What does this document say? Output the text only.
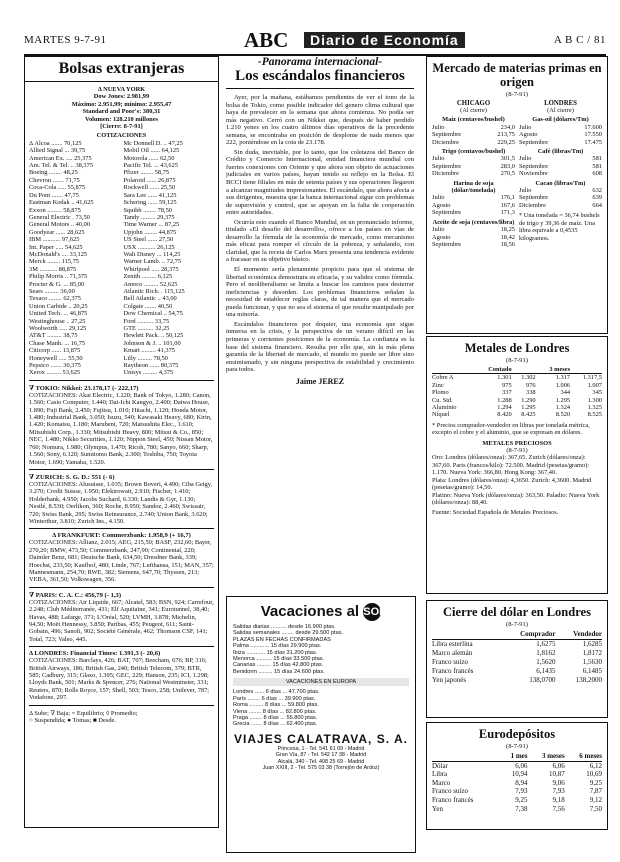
MARTES 9-7-91	ABC	Diario de Economía	A B C / 81
Bolsas extranjeras
Δ NUEVA YORK
Dow Jones: 2.981,99
Máximo: 2.951,99; mínimo: 2.955,47
Standard and Poor's: 380,31
Volumen: 128.210 millones
[Cierre: 8-7-91]
COTIZACIONES
Δ Alcoa ....... 70,125
Allied Signal ... 39,75
American Ex. .... 25,375
Am. Tel. & Tel. .. 38,375
Boeing ........ 48,25
Chevron ....... 71,75
Coca-Cola ..... 55,875
Du Pont ....... 47,75
Eastman Kodak .. 41,625
Exxon ......... 58,875
General Electric . 73,50
General Motors .. 40,00
Goodyear ...... 28,625
IBM ........... 97,625
Int. Paper ..... 54,625
McDonald's .... 33,125
Merck ........ 115,75
3M ........... 88,875
Philip Morris .. 71,375
Procter & G. ... 85,00
Sears ......... 36,00
Texaco ........ 62,375
Union Carbide .. 20,25
United Tech. ... 46,875
Westinghouse .. 27,25
Woolworth ..... 29,125
AT&T ......... 38,75
Chase Manh. ... 16,75
Citicorp ...... 13,875
Honeywell ..... 55,50
Pepsico ....... 30,375
Xerox ......... 53,625
Mc Donnell D. .. 47,25
Mobil Oil ...... 64,125
Motorola ...... 62,50
Pacific Tel. ... 43,625
Pfizer ........ 58,75
Polaroid ...... 26,875
Rockwell ...... 25,50
Sara Lee ...... 41,125
Schering ...... 59,125
Squibb ........ 78,50
Tandy ......... 29,375
Time Warner ... 87,25
Upjohn ........ 44,875
US Steel ...... 27,50
USX ........... 26,125
Walt Disney ... 114,25
Warner Lamb. .. 72,75
Whirlpool ..... 28,375
Zenith ......... 6,125
Amoco ......... 52,625
Atlantic Rich. . 115,125
Bell Atlantic .. 43,00
Colgate ....... 40,50
Dow Chemical .. 54,75
Ford .......... 33,75
GTE .......... 32,25
Hewlett Pack. .. 50,125
Johnson & J. .. 101,00
Kmart ......... 41,375
Lilly ......... 78,50
Raytheon ...... 80,375
Unisys ......... 4,375
∇ TOKIO: Nikkei: 23.178,17 (- 222,17)
COTIZACIONES: Akai Electric, 1.220; Bank of Tokyo, 1.280; Canon, 1.560; Casio Computer, 1.440; Dai-Ichi Kangyo, 2.400; Daiwa House, 1.890; Fuji Bank, 2.450; Fujitsu, 1.010; Hitachi, 1.120; Honda Motor, 1.480; Industrial Bank, 3.050; Isuzu, 540; Kawasaki Heavy, 680; Kirin, 1.420; Komatsu, 1.180; Marubeni, 720; Matsushita Elec., 1.610; Mitsubishi Corp., 1.330; Mitsubishi Heavy, 800; Mitsui & Co., 850; NEC, 1.480; Nikko Securities, 1.120; Nippon Steel, 450; Nissan Motor, 760; Nomura, 1.980; Olympus, 1.470; Ricoh, 780; Sanyo, 660; Sharp, 1.560; Sony, 6.120; Sumitomo Bank, 2.300; Toshiba, 750; Toyota Motor, 1.690; Yamaha, 1.520.
∇ ZURICH: S. G. D.: 551 (- 6)
COTIZACIONES: Alusuisse, 1.035; Brown Boveri, 4.490; Ciba Geigy, 3.270; Credit Suisse, 1.950; Elektrowatt, 2.910; Fischer, 1.410; Holderbank, 4.950; Jacobs Suchard, 6.330; Landis & Gyr, 1.130; Nestlé, 8.530; Oerlikon, 360; Roche, 8.950; Sandoz, 2.460; Swissair, 720; Swiss Bank, 295; Swiss Reinsurance, 2.740; Union Bank, 3.620; Winterthur, 3.810; Zurich Ins., 4.150.
Δ FRANKFURT: Commerzbank: 1.958,9 (+ 16,7)
COTIZACIONES: Allianz, 2.015; AEG, 215,50; BASF, 232,60; Bayer, 270,20; BMW, 473,50; Commerzbank, 247,90; Continental, 220; Daimler Benz, 681; Deutsche Bank, 634,50; Dresdner Bank, 339; Hoechst, 233,50; Kaufhof, 480; Linde, 767; Lufthansa, 151; MAN, 357; Mannesmann, 254,70; RWE, 382; Siemens, 647,70; Thyssen, 213; VEBA, 361,50; Volkswagen, 356.
∇ PARIS: C. A. C.: 456,79 (- 1,3)
COTIZACIONES: Air Liquide, 667; Alcatel, 583; BSN, 924; Carrefour, 2.248; Club Méditerranée, 431; Elf Aquitaine, 341; Eurotunnel, 38,40; Havas, 488; Lafarge, 371; L'Oréal, 520; LVMH, 3.878; Michelin, 94,50; Moët Hennessy, 3.850; Paribas, 455; Peugeot, 611; Saint-Gobain, 496; Sanofi, 902; Société Générale, 462; Thomson CSF, 141; Total, 723; Valeo, 445.
Δ LONDRES: Financial Times: 1.391,3 (- 20,6)
COTIZACIONES: Barclays, 426; BAT, 707; Beecham, 676; BP, 316; British Airways, 186; British Gas, 240; British Telecom, 379; BTR, 585; Cadbury, 315; Glaxo, 1.395; GEC, 229; Hanson, 235; ICI, 1.298; Lloyds Bank, 501; Marks & Spencer, 276; National Westminster, 331; Reuters, 870; Rolls Royce, 157; Shell, 503; Tesco, 258; Unilever, 787; Vodafone, 297.
Δ Sube; ∇ Baja; = Equilibrio; ◊ Promedio;
○ Suspendida; ● Tomas; ■ Desde.
-Panorama internacional-
Los escándalos financieros

Ayer, por la mañana, estábamos pendientes de ver el tono de la bolsa de Tokio, como posible indicador del genero clima cultural que haya de prevalecer en la semana que ahora comienza. No podía ser más negativo. Cerró con un Nikkei que, después de haber perdido 1.210 yenes en los cuatro últimos días operativos de la precedente semana, se encontraba en posición de desplome de nada menos que 222, poniéndose en la cota de 23.178.

Sin duda, inevitable, por lo tanto, que los coletazos del Banco de Crédito y Comercio Internacional, entidad financiera mundial con fuertes conexiones con Oriente y que ahora son objeto de actuaciones judiciales en varios países, hayan tenido su reflejo en la Bolsa. El BCCI tiene filiales en más de setenta países y sus operaciones llegaron a alcanzar magnitudes impresionantes. El escándalo, que ahora afecta a sus dirigentes, muestra que la banca internacional sigue con problemas de supervisión y control, que se apoyan en la falta de cooperación entre autoridades.

Ocurría esto cuando el Banco Mundial, en un pronunciado informe, titulado «El desafío del desarrollo», ofrece a los países en vías de desarrollo la fórmula de la economía de mercado, como mecanismo más eficaz para romper el círculo de la pobreza, y señalando, con claridad, que la receta de Carlos Marx presenta una tendencia evidente a fracasar en su objetivo básico.

El momento sería plenamente propicio para que el sistema de libertad económica demostrara su eficacia, y su validez como fórmula. Pero el neoliberalismo se limita a buscar los caminos para desterrar ineficiencias y desorden. Los problemas financieros señalan la necesidad de establecer reglas claras, de tal manera que el mercado pueda funcionar, y que no sea el sistema el que resulte manipulado por una minoría.

Escándalos financieros por doquier, una economía que sigue inmersa en la crisis, y la perspectiva de un verano difícil en las primeras y corrientes posiciones de la economía. La confianza es la base del sistema financiero. Resulta por ello que, sin la más plena garantía de la libertad de mercado, el mundo no puede ser libre sino ensimismado, y sin ninguna perspectiva de estabilidad y crecimiento para todos.

Jaime JEREZ
Vacaciones al SOL
Salidas diarias .......... desde 16.900 ptas.
Salidas semanales ........ desde 29.500 ptas.
PLAZAS EN FECHAS CONFIRMADAS
Palma ............ 15 días 29.900 ptas.
Ibiza ............ 15 días 31.200 ptas.
Menorca .......... 15 días 33.500 ptas.
Canarias ......... 15 días 42.800 ptas.
Benidorm ......... 15 días 24.600 ptas.
VACACIONES EN EUROPA
Londres ...... 6 días ... 47.700 ptas.
París ........ 6 días ... 39.900 ptas.
Roma ......... 8 días ... 59.800 ptas.
Viena ........ 8 días ... 82.800 ptas.
Praga ........ 8 días ... 55.800 ptas.
Grecia ....... 8 días ... 62.400 ptas.
VIAJES CALATRAVA, S. A.
Princesa, 1 - Tel. 541 61 09 - Madrid
Gran Vía, 87 - Tel. 542 17 38 - Madrid
Alcalá, 340 - Tel. 408 25 69 - Madrid
Juan XXIII, 2 - Tel. 575 03 38 (Torrejón de Ardoz)
Mercado de materias primas en origen
(8-7-91)
CHICAGO
(Al cierre)
Maíz (centavos/bushel)
Julio	234,0
Septiembre	213,75
Diciembre	229,25
Trigo (centavos/bushel)
Julio	301,5
Septiembre	283,0
Diciembre	270,5
Harina de soja (dólar/tonelada)
Julio	176,1
Agosto	167,6
Septiembre	171,3
Aceite de soja (centavos/libra)
Julio	18,25
Agosto	18,42
Septiembre	18,56
LONDRES
(Al cierre)
Gas-oil (dólares/Tm)
Julio	17.600
Agosto	17.550
Septiembre	17.475
Café (libras/Tm)
Julio	581
Septiembre	581
Noviembre	608
Cacao (libras/Tm)
Julio	632
Septiembre	639
Diciembre	664
* Una tonelada = 36,74 bushels de trigo y 39,36 de maíz. Una libra equivale a 0,4535 kilogramos.
Metales de Londres
(8-7-91)
	Contado		3 meses	
Cobre A	1.301	1.302	1.317	1.317,5
Zinc	975	976	1.006	1.007
Plomo	337	338	344	345
Cu. Std.	1.288	1.290	1.295	1.300
Aluminio	1.294	1.295	1.324	1.325
Níquel	8.420	8.425	8.520	8.525
* Precios comprador-vendedor en libras por tonelada métrica, excepto el cobre y el aluminio, que se expresan en dólares.
METALES PRECIOSOS
(8-7-91)
Oro: Londres (dólares/onza): 367,65. Zurich (dólares/onza): 367,60. Paris (francos/kilo): 72.500. Madrid (pesetas/gramo): 1.170. Nueva York: 366,80. Hong Kong: 367,40.
Plata: Londres (dólares/onza): 4,3650. Zurich: 4,3600. Madrid (pesetas/gramo): 14,50.
Platino: Nueva York (dólares/onza): 363,50. Paladio: Nueva York (dólares/onza): 88,40.
Fuente: Sociedad Española de Metales Preciosos.
Cierre del dólar en Londres
(8-7-91)
	Comprador	Vendedor
Libra esterlina	1,6275	1,6285
Marco alemán	1,8162	1,8172
Franco suizo	1,5620	1,5630
Franco francés	6,1435	6,1485
Yen japonés	138,0700	138,2000
Eurodepósitos
(8-7-91)
	1 mes	3 meses	6 meses
Dólar	6,06	6,06	6,12
Libra	10,94	10,87	10,69
Marco	8,94	9,06	9,25
Franco suizo	7,93	7,93	7,87
Franco francés	9,25	9,18	9,12
Yen	7,38	7,56	7,50
